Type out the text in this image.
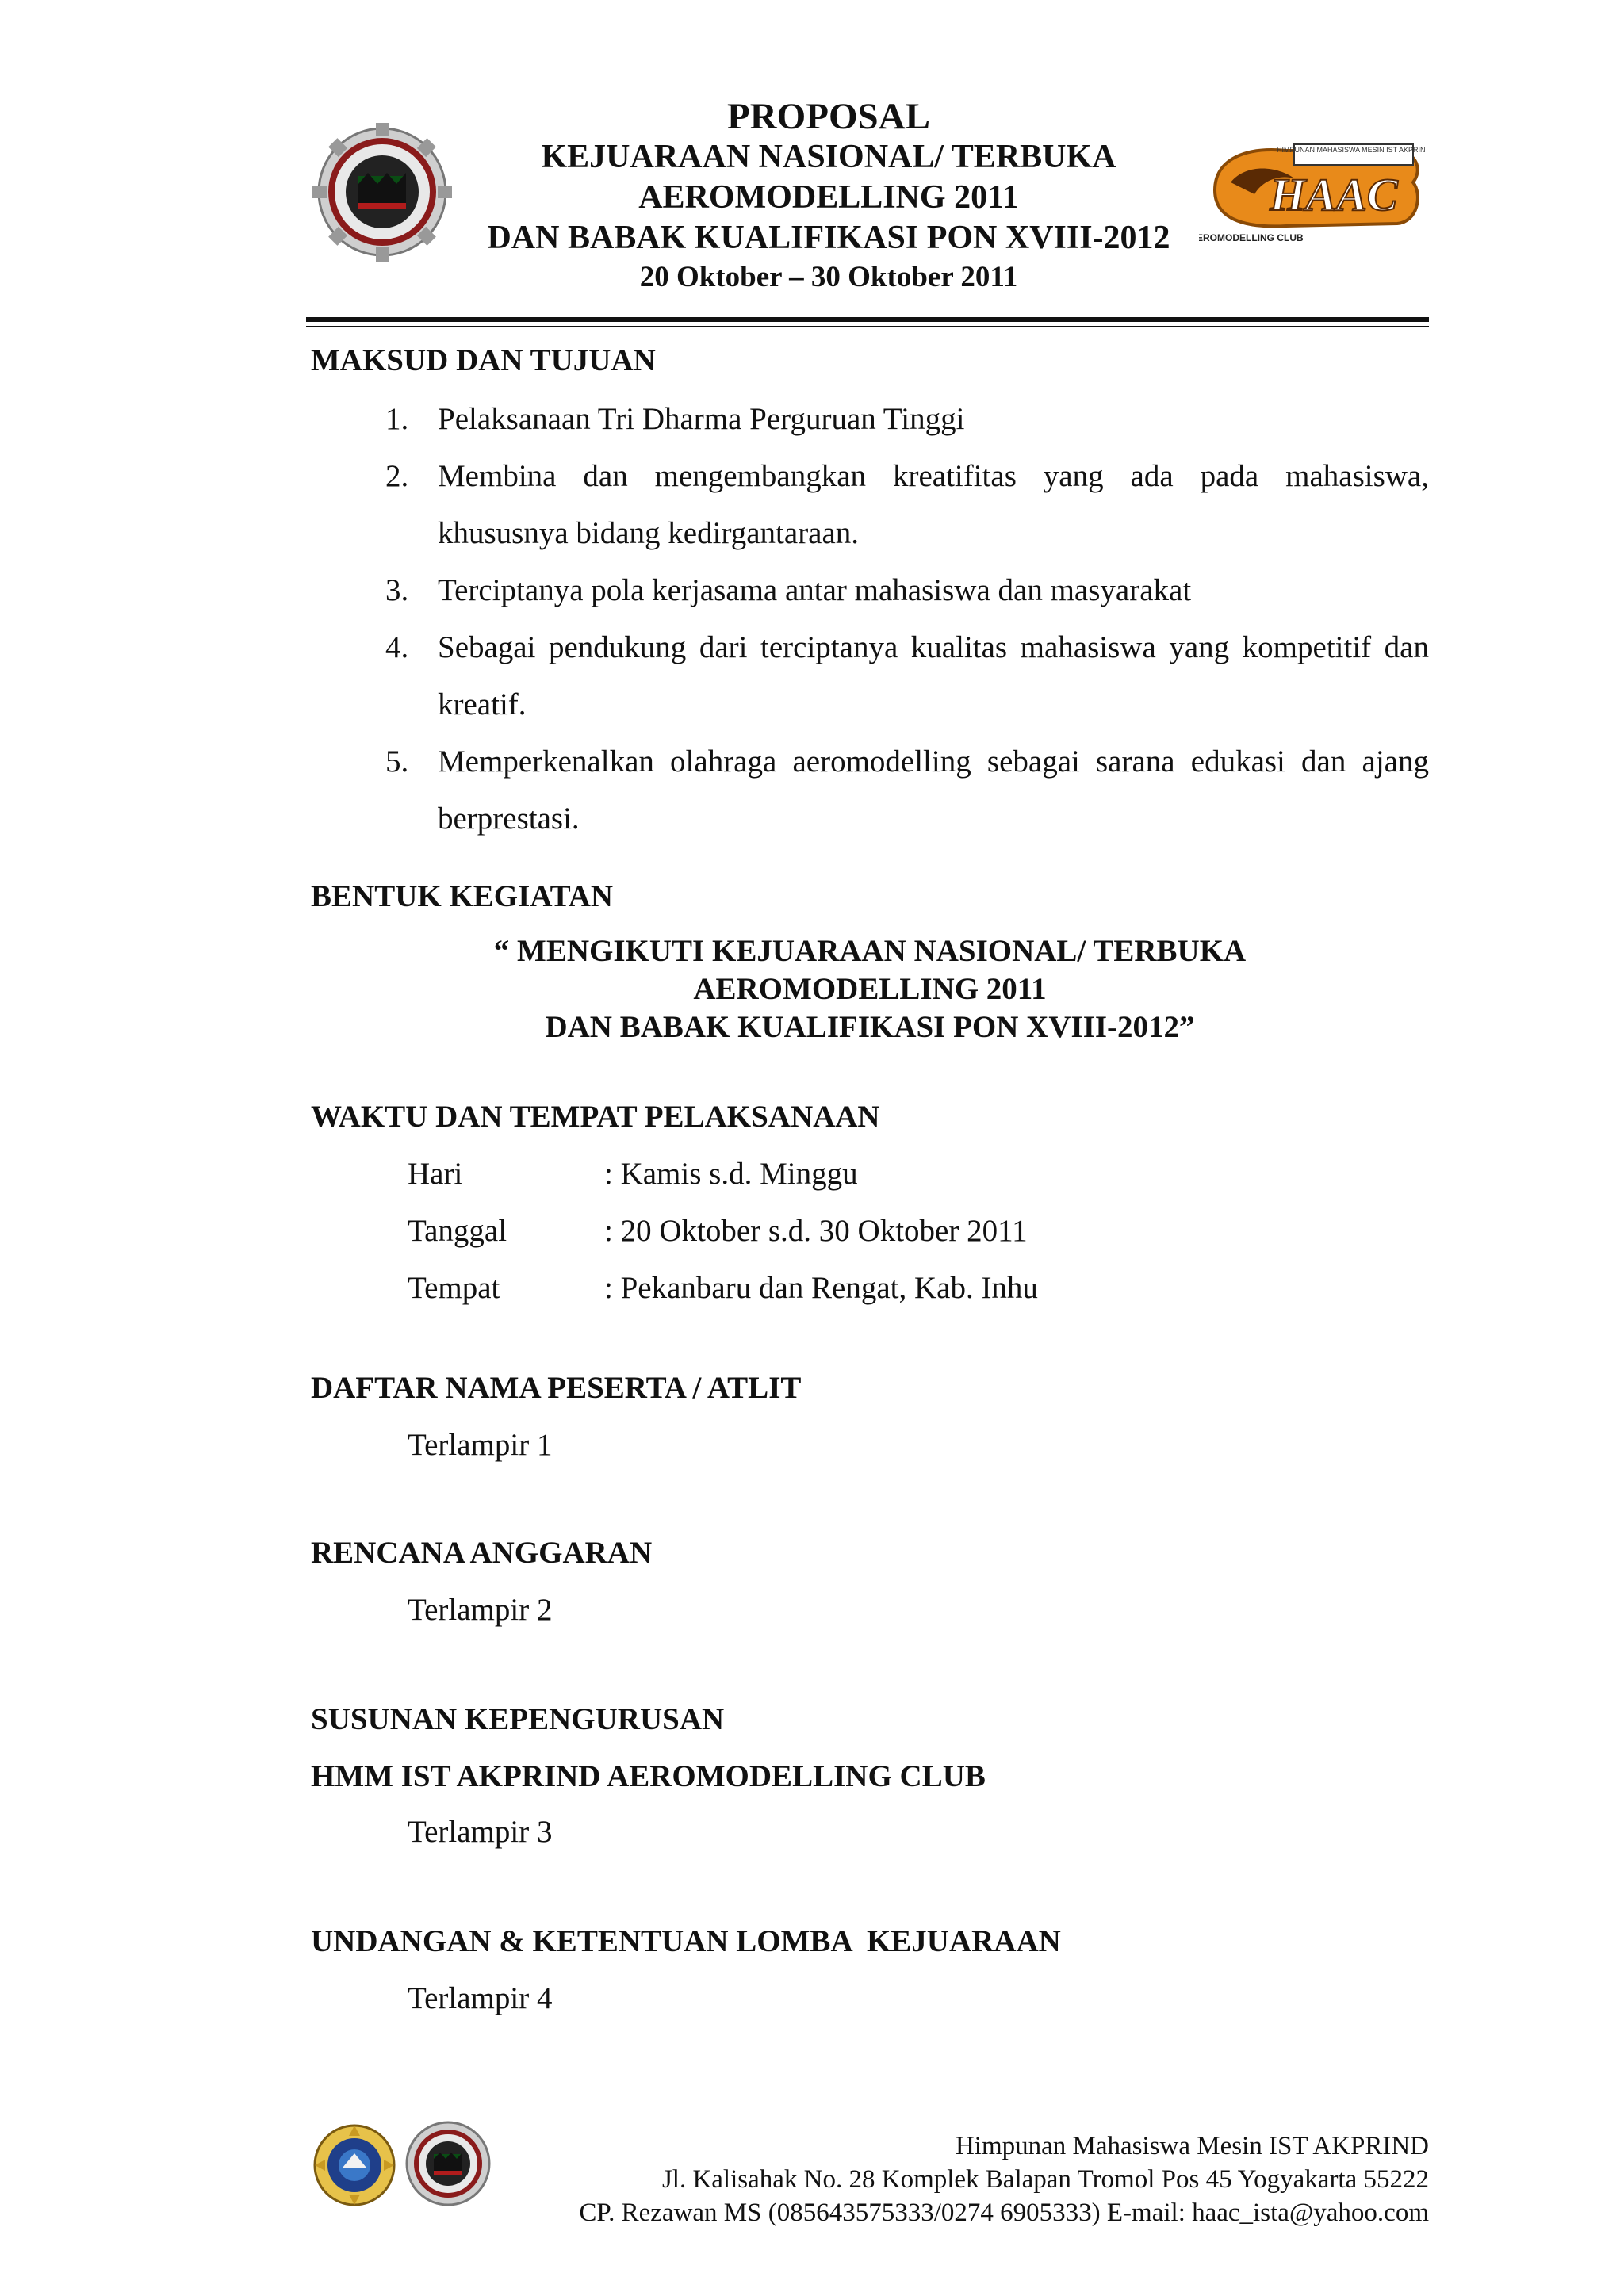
PROPOSAL
KEJUARAAN NASIONAL/ TERBUKA
AEROMODELLING 2011
DAN BABAK KUALIFIKASI PON XVIII-2012
20 Oktober – 30 Oktober 2011
HIMPUNAN MAHASISWA MESIN IST AKPRIND
HAAC
AEROMODELLING CLUB
MAKSUD DAN TUJUAN
1. Pelaksanaan Tri Dharma Perguruan Tinggi
2. Membina dan mengembangkan kreatifitas yang ada pada mahasiswa, khususnya bidang kedirgantaraan.
3. Terciptanya pola kerjasama antar mahasiswa dan masyarakat
4. Sebagai pendukung dari terciptanya kualitas mahasiswa yang kompetitif dan kreatif.
5. Memperkenalkan olahraga aeromodelling sebagai sarana edukasi dan ajang berprestasi.
BENTUK KEGIATAN
“ MENGIKUTI KEJUARAAN NASIONAL/ TERBUKA
AEROMODELLING 2011
DAN BABAK KUALIFIKASI PON XVIII-2012”
WAKTU DAN TEMPAT PELAKSANAAN
Hari	: Kamis s.d. Minggu
Tanggal	: 20 Oktober s.d. 30 Oktober 2011
Tempat	: Pekanbaru dan Rengat, Kab. Inhu
DAFTAR NAMA PESERTA / ATLIT
Terlampir 1
RENCANA ANGGARAN
Terlampir 2
SUSUNAN KEPENGURUSAN
HMM IST AKPRIND AEROMODELLING CLUB
Terlampir 3
UNDANGAN & KETENTUAN LOMBA  KEJUARAAN
Terlampir 4
Himpunan Mahasiswa Mesin IST AKPRIND
Jl. Kalisahak No. 28 Komplek Balapan Tromol Pos 45 Yogyakarta 55222
CP. Rezawan MS (085643575333/0274 6905333) E-mail: haac_ista@yahoo.com
